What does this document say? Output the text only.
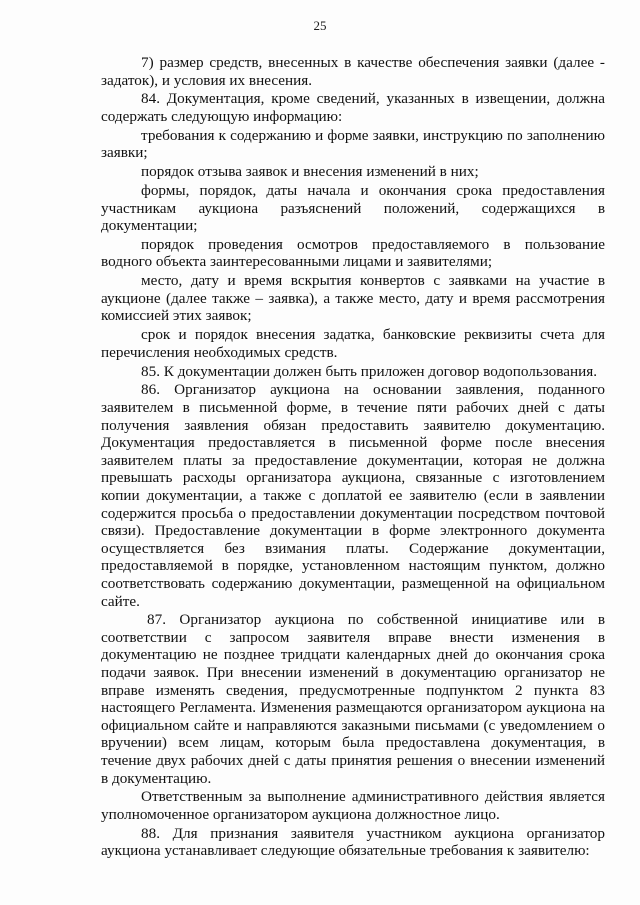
25

7) размер средств, внесенных в качестве обеспечения заявки (далее - задаток), и условия их внесения.

84. Документация, кроме сведений, указанных в извещении, должна содержать следующую информацию:

требования к содержанию и форме заявки, инструкцию по заполнению заявки;

порядок отзыва заявок и внесения изменений в них;

формы, порядок, даты начала и окончания срока предоставления участникам аукциона разъяснений положений, содержащихся в документации;

порядок проведения осмотров предоставляемого в пользование водного объекта заинтересованными лицами и заявителями;

место, дату и время вскрытия конвертов с заявками на участие в аукционе (далее также – заявка), а также место, дату и время рассмотрения комиссией этих заявок;

срок и порядок внесения задатка, банковские реквизиты счета для перечисления необходимых средств.

85. К документации должен быть приложен договор водопользования.

86. Организатор аукциона на основании заявления, поданного заявителем в письменной форме, в течение пяти рабочих дней с даты получения заявления обязан предоставить заявителю документацию. Документация предоставляется в письменной форме после внесения заявителем платы за предоставление документации, которая не должна превышать расходы организатора аукциона, связанные с изготовлением копии документации, а также с доплатой ее заявителю (если в заявлении содержится просьба о предоставлении документации посредством почтовой связи). Предоставление документации в форме электронного документа осуществляется без взимания платы. Содержание документации, предоставляемой в порядке, установленном настоящим пунктом, должно соответствовать содержанию документации, размещенной на официальном сайте.

87. Организатор аукциона по собственной инициативе или в соответствии с запросом заявителя вправе внести изменения в документацию не позднее тридцати календарных дней до окончания срока подачи заявок. При внесении изменений в документацию организатор не вправе изменять сведения, предусмотренные подпунктом 2 пункта 83 настоящего Регламента. Изменения размещаются организатором аукциона на официальном сайте и направляются заказными письмами (с уведомлением о вручении) всем лицам, которым была предоставлена документация, в течение двух рабочих дней с даты принятия решения о внесении изменений в документацию.

Ответственным за выполнение административного действия является уполномоченное организатором аукциона должностное лицо.

88. Для признания заявителя участником аукциона организатор аукциона устанавливает следующие обязательные требования к заявителю:
